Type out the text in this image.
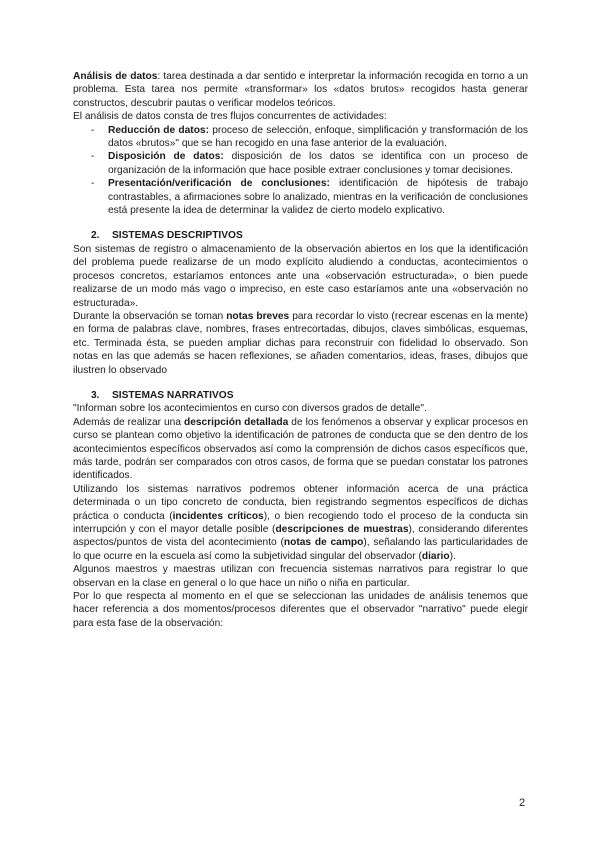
Análisis de datos: tarea destinada a dar sentido e interpretar la información recogida en torno a un problema. Esta tarea nos permite «transformar» los «datos brutos» recogidos hasta generar constructos, descubrir pautas o verificar modelos teóricos.

El análisis de datos consta de tres flujos concurrentes de actividades:

- Reducción de datos: proceso de selección, enfoque, simplificación y transformación de los datos «brutos»" que se han recogido en una fase anterior de la evaluación.
- Disposición de datos: disposición de los datos se identifica con un proceso de organización de la información que hace posible extraer conclusiones y tomar decisiones.
- Presentación/verificación de conclusiones: identificación de hipótesis de trabajo contrastables, a afirmaciones sobre lo analizado, mientras en la verificación de conclusiones está presente la idea de determinar la validez de cierto modelo explicativo.
2. SISTEMAS DESCRIPTIVOS

Son sistemas de registro o almacenamiento de la observación abiertos en los que la identificación del problema puede realizarse de un modo explícito aludiendo a conductas, acontecimientos o procesos concretos, estaríamos entonces ante una «observación estructurada», o bien puede realizarse de un modo más vago o impreciso, en este caso estaríamos ante una «observación no estructurada».

Durante la observación se toman notas breves para recordar lo visto (recrear escenas en la mente) en forma de palabras clave, nombres, frases entrecortadas, dibujos, claves simbólicas, esquemas, etc. Terminada ésta, se pueden ampliar dichas para reconstruir con fidelidad lo observado. Son notas en las que además se hacen reflexiones, se añaden comentarios, ideas, frases, dibujos que ilustren lo observado

3. SISTEMAS NARRATIVOS

"Informan sobre los acontecimientos en curso con diversos grados de detalle".

Además de realizar una descripción detallada de los fenómenos a observar y explicar procesos en curso se plantean como objetivo la identificación de patrones de conducta que se den dentro de los acontecimientos específicos observados así como la comprensión de dichos casos específicos que, más tarde, podrán ser comparados con otros casos, de forma que se puedan constatar los patrones identificados.

Utilizando los sistemas narrativos podremos obtener información acerca de una práctica determinada o un tipo concreto de conducta, bien registrando segmentos específicos de dichas práctica o conducta (incidentes críticos), o bien recogiendo todo el proceso de la conducta sin interrupción y con el mayor detalle posible (descripciones de muestras), considerando diferentes aspectos/puntos de vista del acontecimiento (notas de campo), señalando las particularidades de lo que ocurre en la escuela así como la subjetividad singular del observador (diario).

Algunos maestros y maestras utilizan con frecuencia sistemas narrativos para registrar lo que observan en la clase en general o lo que hace un niño o niña en particular.

Por lo que respecta al momento en el que se seleccionan las unidades de análisis tenemos que hacer referencia a dos momentos/procesos diferentes que el observador "narrativo" puede elegir para esta fase de la observación:

2
